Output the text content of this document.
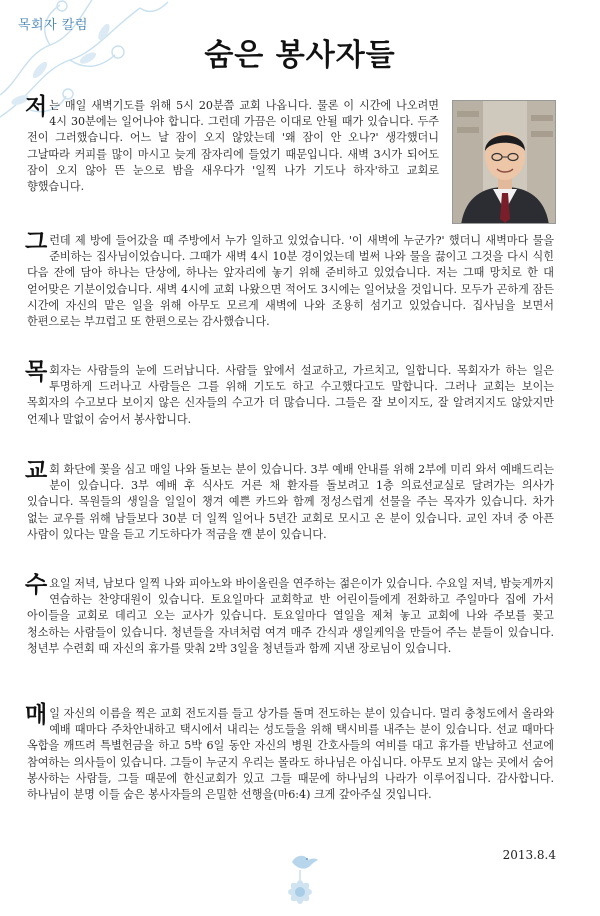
목회자 칼럼
숨은 봉사자들
저는 매일 새벽기도를 위해 5시 20분쯤 교회 나옵니다. 물론 이 시간에 나오려면 4시 30분에는 일어나야 합니다. 그런데 가끔은 이대로 안될 때가 있습니다. 두주 전이 그러했습니다. 어느 날 잠이 오지 않았는데 '왜 잠이 안 오나?' 생각했더니 그날따라 커피를 많이 마시고 늦게 잠자리에 들었기 때문입니다. 새벽 3시가 되어도 잠이 오지 않아 뜬 눈으로 밤을 새우다가 '일찍 나가 기도나 하자'하고 교회로 향했습니다.
그런데 제 방에 들어갔을 때 주방에서 누가 일하고 있었습니다. '이 새벽에 누군가?' 했더니 새벽마다 물을 준비하는 집사님이었습니다. 그때가 새벽 4시 10분 경이었는데 벌써 나와 물을 끓이고 그것을 다시 식힌 다음 잔에 담아 하나는 단상에, 하나는 앞자리에 놓기 위해 준비하고 있었습니다. 저는 그때 망치로 한 대 얻어맞은 기분이었습니다. 새벽 4시에 교회 나왔으면 적어도 3시에는 일어났을 것입니다. 모두가 곤하게 잠든 시간에 자신의 맡은 일을 위해 아무도 모르게 새벽에 나와 조용히 섬기고 있었습니다. 집사님을 보면서 한편으로는 부끄럽고 또 한편으로는 감사했습니다.
목회자는 사람들의 눈에 드러납니다. 사람들 앞에서 설교하고, 가르치고, 일합니다. 목회자가 하는 일은 투명하게 드러나고 사람들은 그를 위해 기도도 하고 수고했다고도 말합니다. 그러나 교회는 보이는 목회자의 수고보다 보이지 않은 신자들의 수고가 더 많습니다. 그들은 잘 보이지도, 잘 알려지지도 않았지만 언제나 말없이 숨어서 봉사합니다.
교회 화단에 꽃을 심고 매일 나와 돌보는 분이 있습니다. 3부 예배 안내를 위해 2부에 미리 와서 예배드리는 분이 있습니다. 3부 예배 후 식사도 거른 채 환자를 돌보려고 1층 의료선교실로 달려가는 의사가 있습니다. 목원들의 생일을 일일이 챙겨 예쁜 카드와 함께 정성스럽게 선물을 주는 목자가 있습니다. 차가 없는 교우를 위해 남들보다 30분 더 일찍 일어나 5년간 교회로 모시고 온 분이 있습니다. 교인 자녀 중 아픈 사람이 있다는 말을 듣고 기도하다가 적금을 깬 분이 있습니다.
수요일 저녁, 남보다 일찍 나와 피아노와 바이올린을 연주하는 젊은이가 있습니다. 수요일 저녁, 밤늦게까지 연습하는 찬양대원이 있습니다. 토요일마다 교회학교 반 어린이들에게 전화하고 주일마다 집에 가서 아이들을 교회로 데리고 오는 교사가 있습니다. 토요일마다 열일을 제쳐 놓고 교회에 나와 주보를 꽂고 청소하는 사람들이 있습니다. 청년들을 자녀처럼 여겨 매주 간식과 생일케익을 만들어 주는 분들이 있습니다. 청년부 수련회 때 자신의 휴가를 맞춰 2박 3일을 청년들과 함께 지낸 장로님이 있습니다.
매일 자신의 이름을 찍은 교회 전도지를 들고 상가를 돌며 전도하는 분이 있습니다. 멀리 충청도에서 올라와 예배 때마다 주차안내하고 택시에서 내리는 성도들을 위해 택시비를 내주는 분이 있습니다. 선교 때마다 옥합을 깨뜨려 특별헌금을 하고 5박 6일 동안 자신의 병원 간호사들의 여비를 대고 휴가를 반납하고 선교에 참여하는 의사들이 있습니다. 그들이 누군지 우리는 몰라도 하나님은 아십니다. 아무도 보지 않는 곳에서 숨어 봉사하는 사람들, 그들 때문에 한신교회가 있고 그들 때문에 하나님의 나라가 이루어집니다. 감사합니다. 하나님이 분명 이들 숨은 봉사자들의 은밀한 선행을(마6:4) 크게 갚아주실 것입니다.
2013.8.4
